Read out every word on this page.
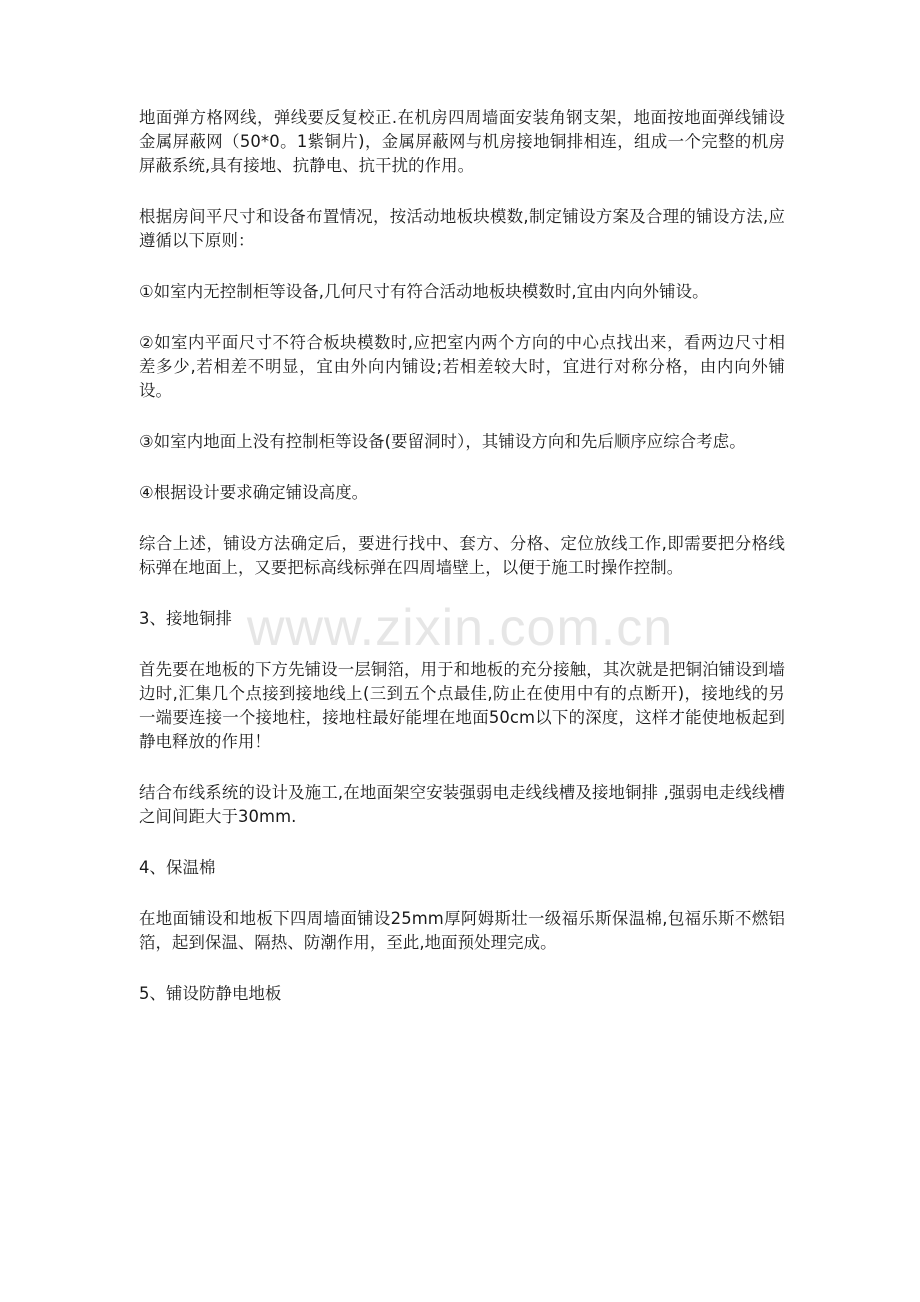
地面弹方格网线，弹线要反复校正.在机房四周墙面安装角钢支架，地面按地面弹线铺设金属屏蔽网（50*0。1紫铜片)，金属屏蔽网与机房接地铜排相连，组成一个完整的机房屏蔽系统,具有接地、抗静电、抗干扰的作用。

根据房间平尺寸和设备布置情况，按活动地板块模数,制定铺设方案及合理的铺设方法,应遵循以下原则：

①如室内无控制柜等设备,几何尺寸有符合活动地板块模数时,宜由内向外铺设。

②如室内平面尺寸不符合板块模数时,应把室内两个方向的中心点找出来，看两边尺寸相差多少,若相差不明显，宜由外向内铺设;若相差较大时，宜进行对称分格，由内向外铺设。

③如室内地面上没有控制柜等设备(要留洞时），其铺设方向和先后顺序应综合考虑。

④根据设计要求确定铺设高度。

综合上述，铺设方法确定后，要进行找中、套方、分格、定位放线工作,即需要把分格线标弹在地面上，又要把标高线标弹在四周墙壁上，以便于施工时操作控制。

3、接地铜排

首先要在地板的下方先铺设一层铜箔，用于和地板的充分接触，其次就是把铜泊铺设到墙边时,汇集几个点接到接地线上(三到五个点最佳,防止在使用中有的点断开)，接地线的另一端要连接一个接地柱，接地柱最好能埋在地面50cm以下的深度，这样才能使地板起到静电释放的作用！

结合布线系统的设计及施工,在地面架空安装强弱电走线线槽及接地铜排 ,强弱电走线线槽之间间距大于30mm.

4、保温棉

在地面铺设和地板下四周墙面铺设25mm厚阿姆斯壮一级福乐斯保温棉,包福乐斯不燃铝箔，起到保温、隔热、防潮作用，至此,地面预处理完成。

5、铺设防静电地板

www.zixin.com.cn
